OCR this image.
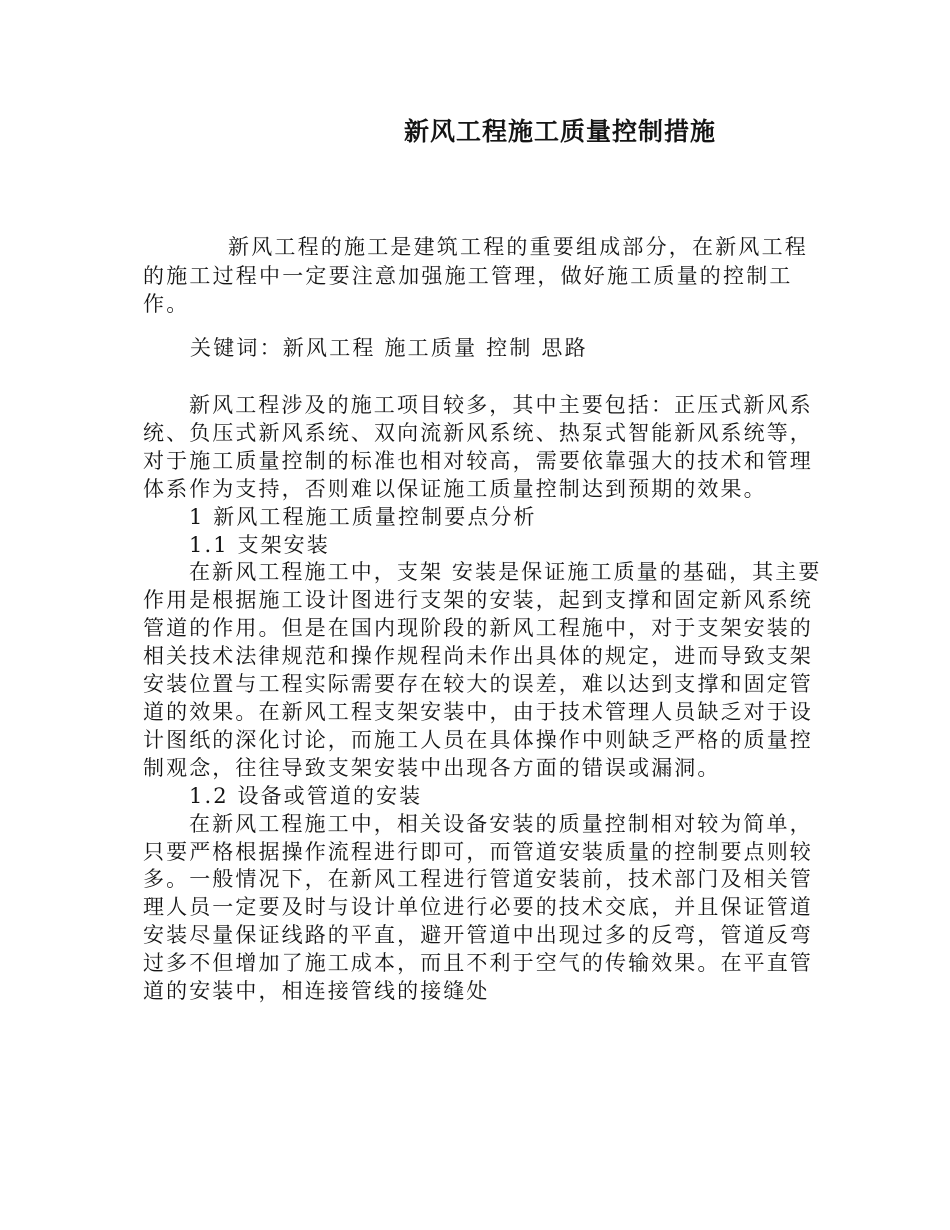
新风工程施工质量控制措施

新风工程的施工是建筑工程的重要组成部分，在新风工程的施工过程中一定要注意加强施工管理，做好施工质量的控制工作。

关键词：新风工程 施工质量 控制 思路

新风工程涉及的施工项目较多，其中主要包括：正压式新风系统、负压式新风系统、双向流新风系统、热泵式智能新风系统等，对于施工质量控制的标准也相对较高，需要依靠强大的技术和管理体系作为支持，否则难以保证施工质量控制达到预期的效果。

1 新风工程施工质量控制要点分析

1.1 支架安装

在新风工程施工中，支架 安装是保证施工质量的基础，其主要作用是根据施工设计图进行支架的安装，起到支撑和固定新风系统管道的作用。但是在国内现阶段的新风工程施中，对于支架安装的相关技术法律规范和操作规程尚未作出具体的规定，进而导致支架安装位置与工程实际需要存在较大的误差，难以达到支撑和固定管道的效果。在新风工程支架安装中，由于技术管理人员缺乏对于设计图纸的深化讨论，而施工人员在具体操作中则缺乏严格的质量控制观念，往往导致支架安装中出现各方面的错误或漏洞。

1.2 设备或管道的安装

在新风工程施工中，相关设备安装的质量控制相对较为简单，只要严格根据操作流程进行即可，而管道安装质量的控制要点则较多。一般情况下，在新风工程进行管道安装前，技术部门及相关管理人员一定要及时与设计单位进行必要的技术交底，并且保证管道安装尽量保证线路的平直，避开管道中出现过多的反弯，管道反弯过多不但增加了施工成本，而且不利于空气的传输效果。在平直管道的安装中，相连接管线的接缝处
